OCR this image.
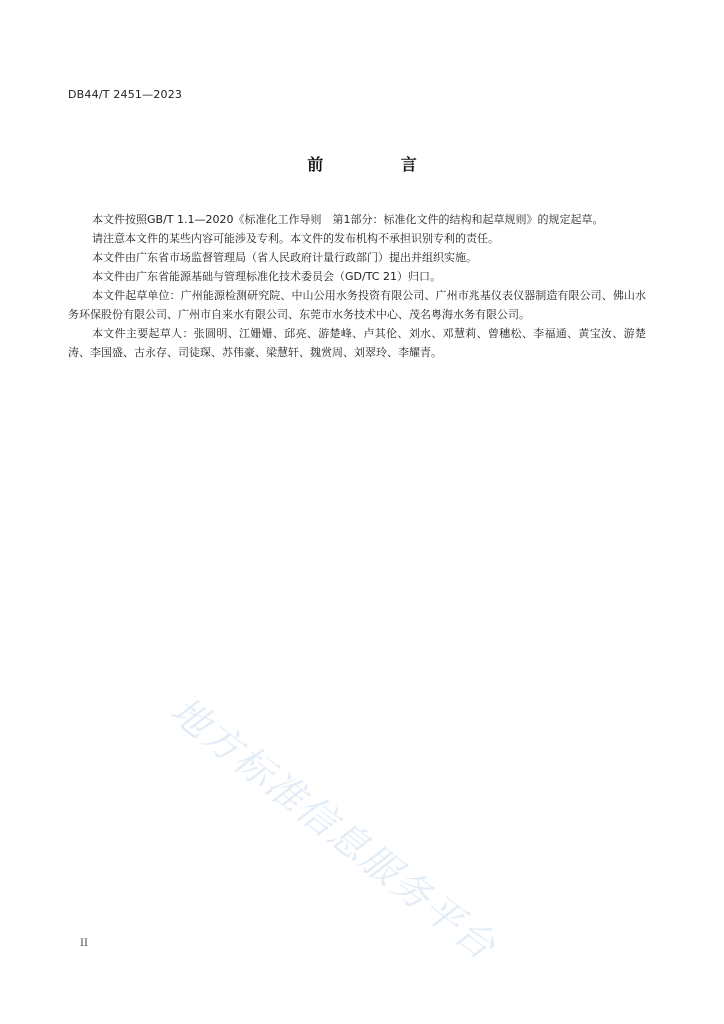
DB44/T 2451—2023
前 言

本文件按照GB/T 1.1—2020《标准化工作导则　第1部分：标准化文件的结构和起草规则》的规定起草。

请注意本文件的某些内容可能涉及专利。本文件的发布机构不承担识别专利的责任。

本文件由广东省市场监督管理局（省人民政府计量行政部门）提出并组织实施。

本文件由广东省能源基础与管理标准化技术委员会（GD/TC 21）归口。

本文件起草单位：广州能源检测研究院、中山公用水务投资有限公司、广州市兆基仪表仪器制造有限公司、佛山水务环保股份有限公司、广州市自来水有限公司、东莞市水务技术中心、茂名粤海水务有限公司。

本文件主要起草人：张圆明、江姗姗、邱亮、游楚峰、卢其伦、刘水、邓慧莉、曾穗松、李福通、黄宝汝、游楚涛、李国盛、古永存、司徒琛、苏伟豪、梁慧轩、魏赏周、刘翠玲、李耀青。

地方标准信息服务平台
II
